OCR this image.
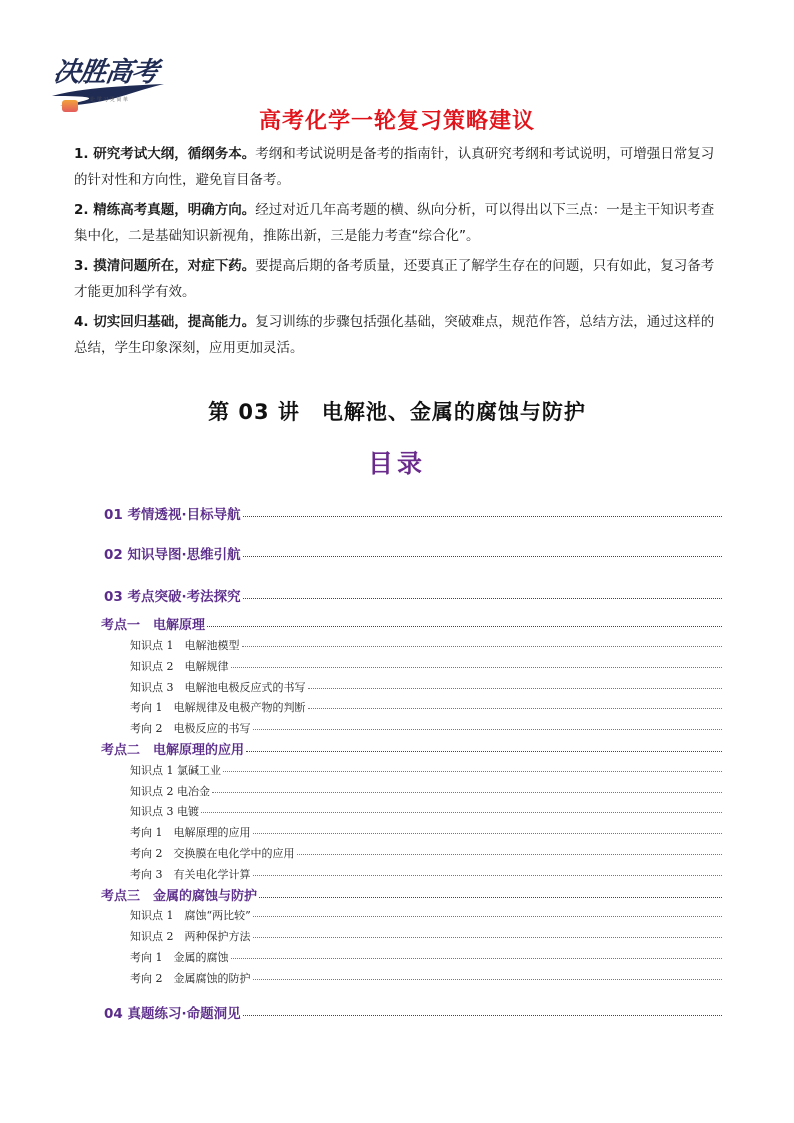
决胜高考
让 学 习 更 简 单
高考化学一轮复习策略建议
1. 研究考试大纲，循纲务本。考纲和考试说明是备考的指南针，认真研究考纲和考试说明，可增强日常复习的针对性和方向性，避免盲目备考。
2. 精练高考真题，明确方向。经过对近几年高考题的横、纵向分析，可以得出以下三点：一是主干知识考查集中化，二是基础知识新视角，推陈出新，三是能力考查“综合化”。
3. 摸清问题所在，对症下药。要提高后期的备考质量，还要真正了解学生存在的问题，只有如此，复习备考才能更加科学有效。
4. 切实回归基础，提高能力。复习训练的步骤包括强化基础，突破难点，规范作答，总结方法，通过这样的总结，学生印象深刻，应用更加灵活。
第 03 讲　电解池、金属的腐蚀与防护
目录
01 考情透视·目标导航
02 知识导图·思维引航
03 考点突破·考法探究
考点一　电解原理
知识点 1　电解池模型
知识点 2　电解规律
知识点 3　电解池电极反应式的书写
考向 1　电解规律及电极产物的判断
考向 2　电极反应的书写
考点二　电解原理的应用
知识点 1 氯碱工业
知识点 2 电冶金
知识点 3 电镀
考向 1　电解原理的应用
考向 2　交换膜在电化学中的应用
考向 3　有关电化学计算
考点三　金属的腐蚀与防护
知识点 1　腐蚀“两比较”
知识点 2　两种保护方法
考向 1　金属的腐蚀
考向 2　金属腐蚀的防护
04 真题练习·命题洞见
